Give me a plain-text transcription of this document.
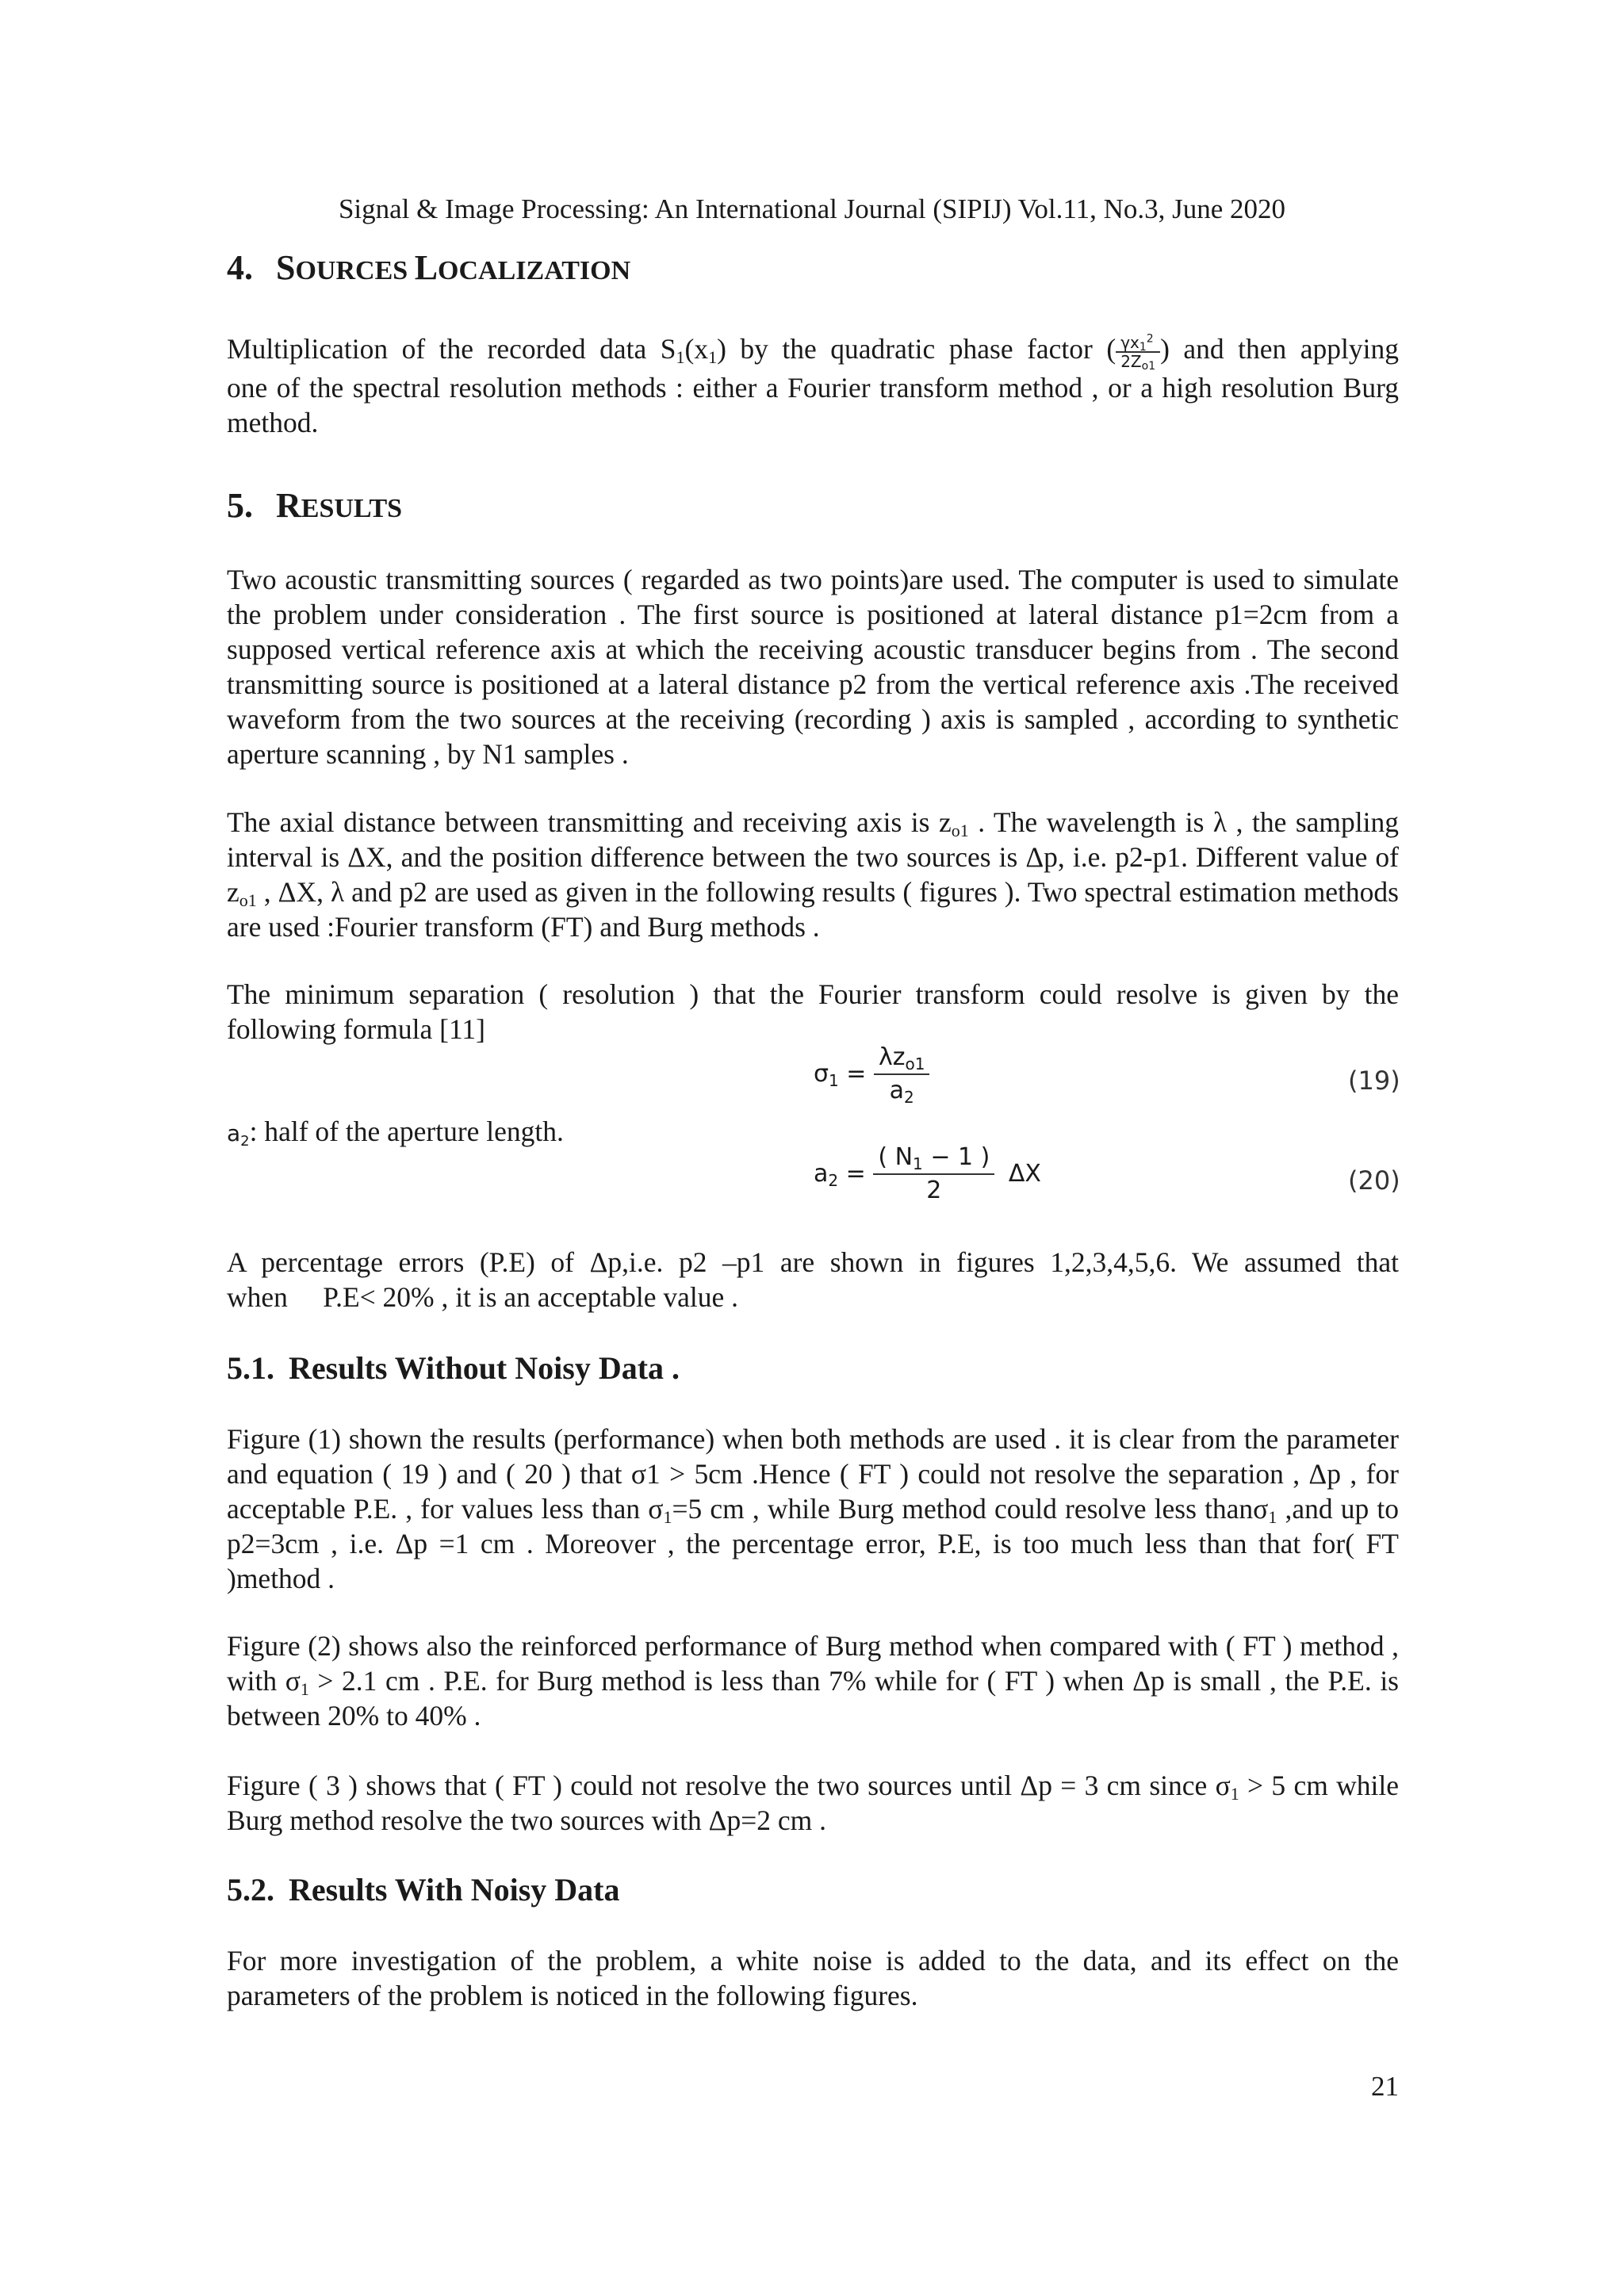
Signal & Image Processing: An International Journal (SIPIJ) Vol.11, No.3, June 2020
4. SOURCES LOCALIZATION

Multiplication of the recorded data $S_1(x_1)$ by the quadratic phase factor ( $\frac{\gamma x_1^2}{2Z_{o1}}$ ) and then applying

one of the spectral resolution methods : either a Fourier transform method , or a high resolution Burg method.

5. RESULTS

Two acoustic transmitting sources ( regarded as two points)are used. The computer is used to simulate the problem under consideration . The first source is positioned at lateral distance p1=2cm from a supposed vertical reference axis at which the receiving acoustic transducer begins from . The second transmitting source is positioned at a lateral distance p2 from the vertical reference axis .The received waveform from the two sources at the receiving (recording ) axis is sampled , according to synthetic aperture scanning , by N1 samples .

The axial distance between transmitting and receiving axis is $z_{o1}$ . The wavelength is λ , the sampling interval is ΔX, and the position difference between the two sources is Δp, i.e. p2-p1. Different value of $z_{o1}$ , ΔX, λ and p2 are used as given in the following results ( figures ). Two spectral estimation methods are used :Fourier transform (FT) and Burg methods .

The minimum separation ( resolution ) that the Fourier transform could resolve is given by the following formula [11]

$\sigma_1 = \frac{\lambda z_{o1}}{a_2}$	(19)
$a_2$: half of the aperture length.
$a_2 = \frac{( N_1 - 1 )}{2}$ ΔX	(20)

A percentage errors (P.E) of Δp,i.e. p2 –p1 are shown in figures 1,2,3,4,5,6. We assumed that

when     P.E< 20% , it is an acceptable value .

5.1. Results Without Noisy Data .

Figure (1) shown the results (performance) when both methods are used . it is clear from the parameter and equation ( 19 ) and ( 20 ) that σ1 > 5cm .Hence ( FT ) could not resolve the separation , Δp , for acceptable P.E. , for values less than $\sigma_1=5$ cm , while Burg method could resolve less thanσ$_1$ ,and up to p2=3cm , i.e. Δp =1 cm . Moreover , the percentage error, P.E, is too much less than that for( FT )method .

Figure (2) shows also the reinforced performance of Burg method when compared with ( FT ) method , with $\sigma_1 > 2.1$ cm . P.E. for Burg method is less than 7% while for ( FT ) when Δp is small , the P.E. is between 20% to 40% .

Figure ( 3 ) shows that ( FT ) could not resolve the two sources until Δp = 3 cm since $\sigma_1 > 5$ cm while Burg method resolve the two sources with Δp=2 cm .

5.2. Results With Noisy Data

For more investigation of the problem, a white noise is added to the data, and its effect on the parameters of the problem is noticed in the following figures.

21
